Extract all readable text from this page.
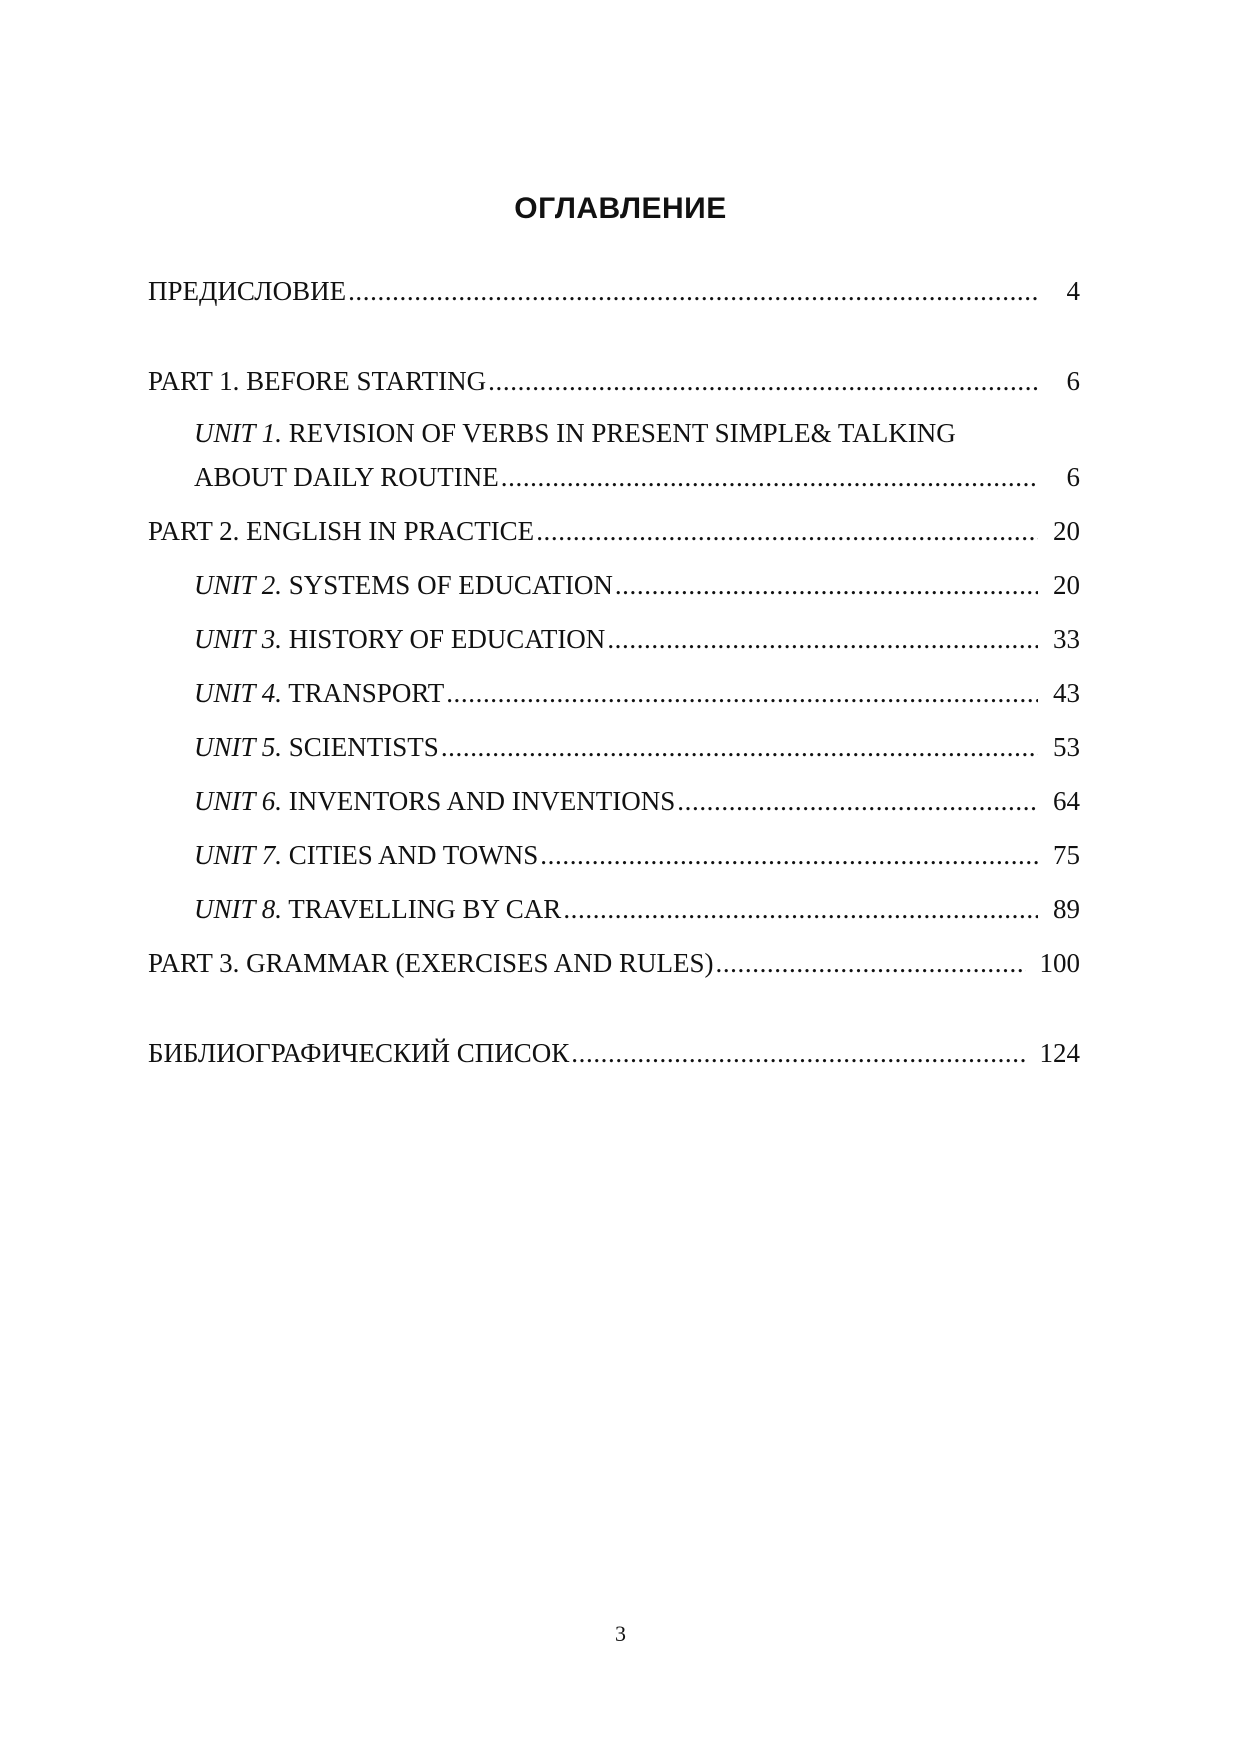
ОГЛАВЛЕНИЕ
ПРЕДИСЛОВИЕ .....	4
PART 1. BEFORE STARTING .....	6
UNIT 1. REVISION OF VERBS IN PRESENT SIMPLE& TALKING
ABOUT DAILY ROUTINE .....	6
PART 2. ENGLISH IN PRACTICE .....	20
UNIT 2. SYSTEMS OF EDUCATION .....	20
UNIT 3. HISTORY OF EDUCATION .....	33
UNIT 4. TRANSPORT .....	43
UNIT 5. SCIENTISTS .....	53
UNIT 6. INVENTORS AND INVENTIONS .....	64
UNIT 7. CITIES AND TOWNS .....	75
UNIT 8. TRAVELLING BY CAR .....	89
PART 3. GRAMMAR (EXERCISES AND RULES) .....	100
БИБЛИОГРАФИЧЕСКИЙ СПИСОК .....	124
3
